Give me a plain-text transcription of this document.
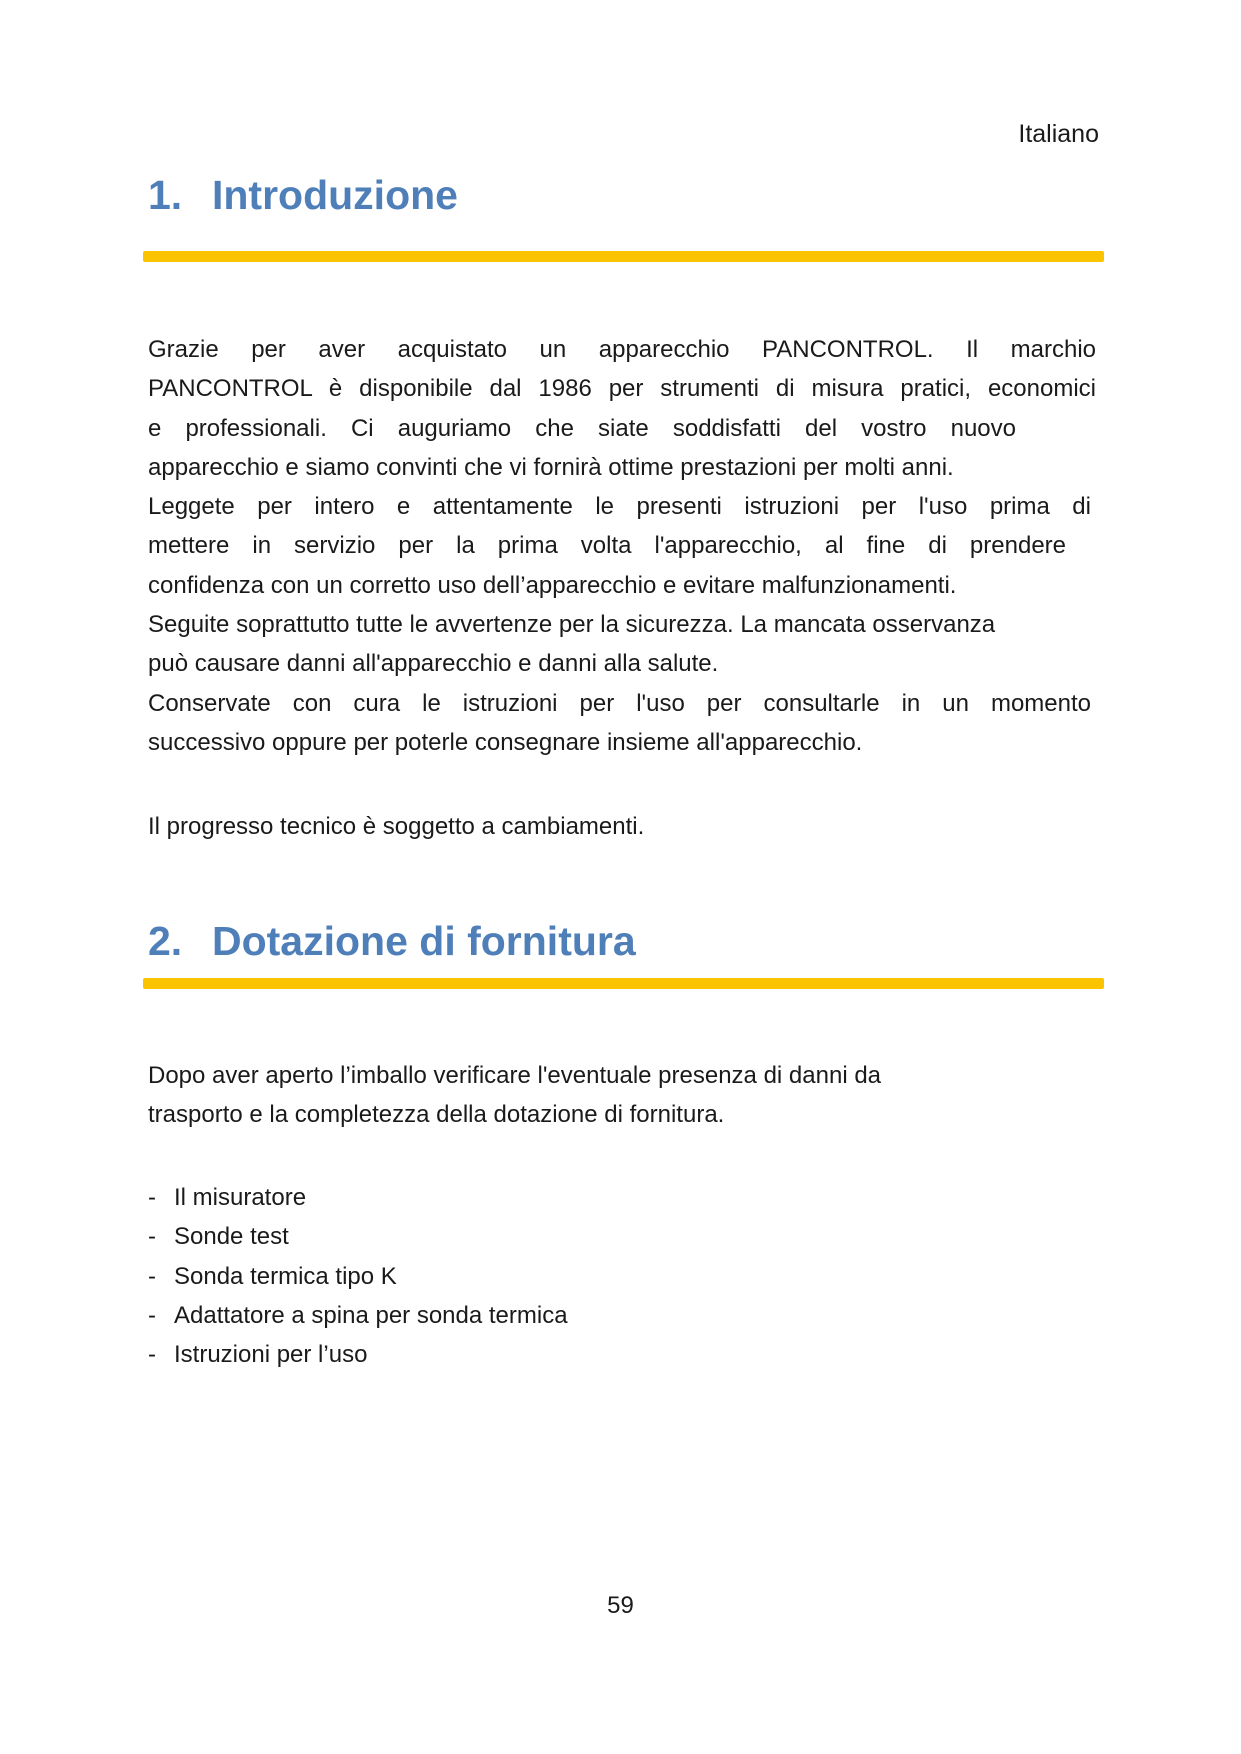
Italiano
1. Introduzione
Grazie per aver acquistato un apparecchio PANCONTROL. Il marchio
PANCONTROL è disponibile dal 1986 per strumenti di misura pratici, economici
e professionali. Ci auguriamo che siate soddisfatti del vostro nuovo
apparecchio e siamo convinti che vi fornirà ottime prestazioni per molti anni.
Leggete per intero e attentamente le presenti istruzioni per l'uso prima di
mettere in servizio per la prima volta l'apparecchio, al fine di prendere
confidenza con un corretto uso dell’apparecchio e evitare malfunzionamenti.
Seguite soprattutto tutte le avvertenze per la sicurezza. La mancata osservanza
può causare danni all'apparecchio e danni alla salute.
Conservate con cura le istruzioni per l'uso per consultarle in un momento
successivo oppure per poterle consegnare insieme all'apparecchio.
Il progresso tecnico è soggetto a cambiamenti.
2. Dotazione di fornitura
Dopo aver aperto l’imballo verificare l'eventuale presenza di danni da
trasporto e la completezza della dotazione di fornitura.
- Il misuratore
- Sonde test
- Sonda termica tipo K
- Adattatore a spina per sonda termica
- Istruzioni per l’uso
59
